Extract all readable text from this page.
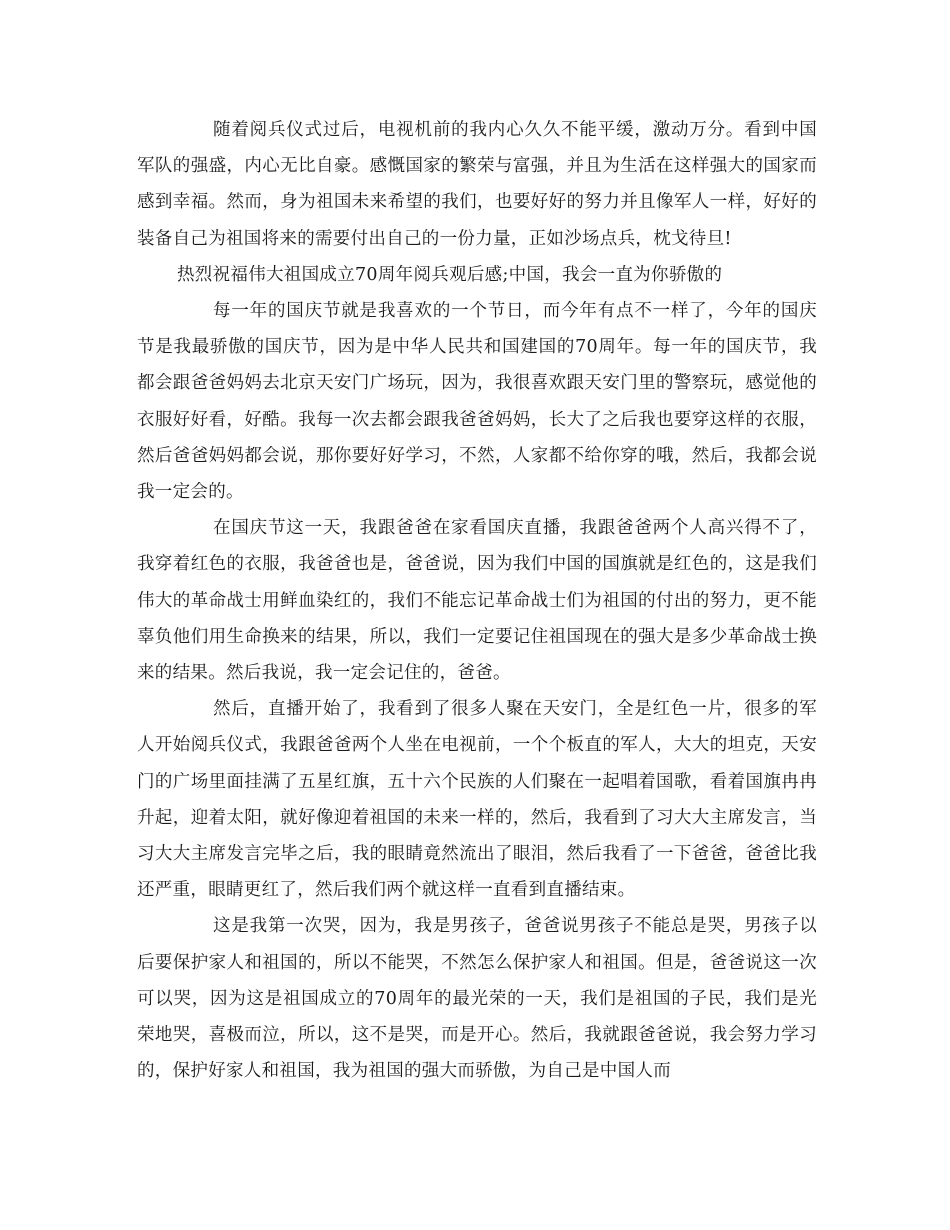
随着阅兵仪式过后，电视机前的我内心久久不能平缓，激动万分。看到中国军队的强盛，内心无比自豪。感慨国家的繁荣与富强，并且为生活在这样强大的国家而感到幸福。然而，身为祖国未来希望的我们，也要好好的努力并且像军人一样，好好的装备自己为祖国将来的需要付出自己的一份力量，正如沙场点兵，枕戈待旦!

热烈祝福伟大祖国成立70周年阅兵观后感;中国，我会一直为你骄傲的

每一年的国庆节就是我喜欢的一个节日，而今年有点不一样了，今年的国庆节是我最骄傲的国庆节，因为是中华人民共和国建国的70周年。每一年的国庆节，我都会跟爸爸妈妈去北京天安门广场玩，因为，我很喜欢跟天安门里的警察玩，感觉他的衣服好好看，好酷。我每一次去都会跟我爸爸妈妈，长大了之后我也要穿这样的衣服，然后爸爸妈妈都会说，那你要好好学习，不然，人家都不给你穿的哦，然后，我都会说我一定会的。

在国庆节这一天，我跟爸爸在家看国庆直播，我跟爸爸两个人高兴得不了，我穿着红色的衣服，我爸爸也是，爸爸说，因为我们中国的国旗就是红色的，这是我们伟大的革命战士用鲜血染红的，我们不能忘记革命战士们为祖国的付出的努力，更不能辜负他们用生命换来的结果，所以，我们一定要记住祖国现在的强大是多少革命战士换来的结果。然后我说，我一定会记住的，爸爸。

然后，直播开始了，我看到了很多人聚在天安门，全是红色一片，很多的军人开始阅兵仪式，我跟爸爸两个人坐在电视前，一个个板直的军人，大大的坦克，天安门的广场里面挂满了五星红旗，五十六个民族的人们聚在一起唱着国歌，看着国旗冉冉升起，迎着太阳，就好像迎着祖国的未来一样的，然后，我看到了习大大主席发言，当习大大主席发言完毕之后，我的眼睛竟然流出了眼泪，然后我看了一下爸爸，爸爸比我还严重，眼睛更红了，然后我们两个就这样一直看到直播结束。

这是我第一次哭，因为，我是男孩子，爸爸说男孩子不能总是哭，男孩子以后要保护家人和祖国的，所以不能哭，不然怎么保护家人和祖国。但是，爸爸说这一次可以哭，因为这是祖国成立的70周年的最光荣的一天，我们是祖国的子民，我们是光荣地哭，喜极而泣，所以，这不是哭，而是开心。然后，我就跟爸爸说，我会努力学习的，保护好家人和祖国，我为祖国的强大而骄傲，为自己是中国人而
